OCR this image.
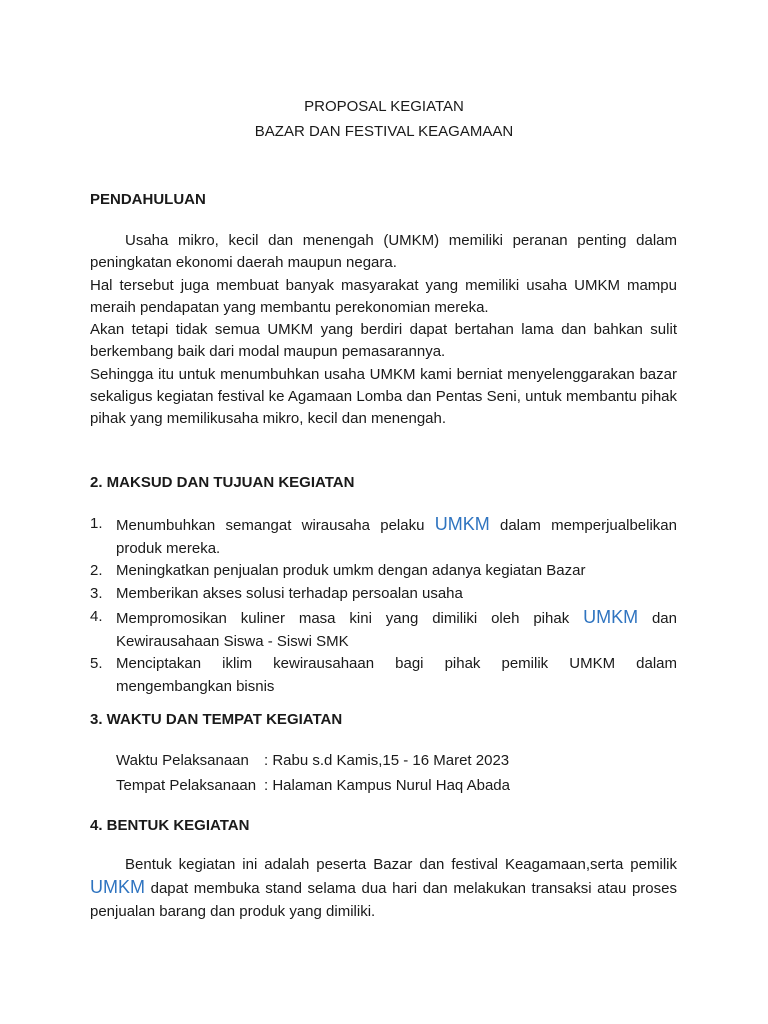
PROPOSAL KEGIATAN
BAZAR DAN FESTIVAL KEAGAMAAN
PENDAHULUAN

Usaha mikro, kecil dan menengah (UMKM) memiliki peranan penting dalam peningkatan ekonomi daerah maupun negara.

Hal tersebut juga membuat banyak masyarakat yang memiliki usaha UMKM mampu meraih pendapatan yang membantu perekonomian mereka.

Akan tetapi tidak semua UMKM yang berdiri dapat bertahan lama dan bahkan sulit berkembang baik dari modal maupun pemasarannya.

Sehingga itu untuk menumbuhkan usaha UMKM kami berniat menyelenggarakan bazar sekaligus kegiatan festival ke Agamaan Lomba dan Pentas Seni, untuk membantu pihak pihak yang memilikusaha mikro, kecil dan menengah.

2. MAKSUD DAN TUJUAN KEGIATAN
1. Menumbuhkan semangat wirausaha pelaku UMKM dalam memperjualbelikan produk mereka.
2. Meningkatkan penjualan produk umkm dengan adanya kegiatan Bazar
3. Memberikan akses solusi terhadap persoalan usaha
4. Mempromosikan kuliner masa kini yang dimiliki oleh pihak UMKM dan Kewirausahaan Siswa - Siswi SMK
5. Menciptakan iklim kewirausahaan bagi pihak pemilik UMKM dalam mengembangkan bisnis
3. WAKTU DAN TEMPAT KEGIATAN
Waktu Pelaksanaan	: Rabu s.d Kamis,15 - 16 Maret 2023
Tempat Pelaksanaan : Halaman Kampus Nurul Haq Abada
4. BENTUK KEGIATAN

Bentuk kegiatan ini adalah peserta Bazar dan festival Keagamaan,serta pemilik UMKM dapat membuka stand selama dua hari dan melakukan transaksi atau proses penjualan barang dan produk yang dimiliki.
